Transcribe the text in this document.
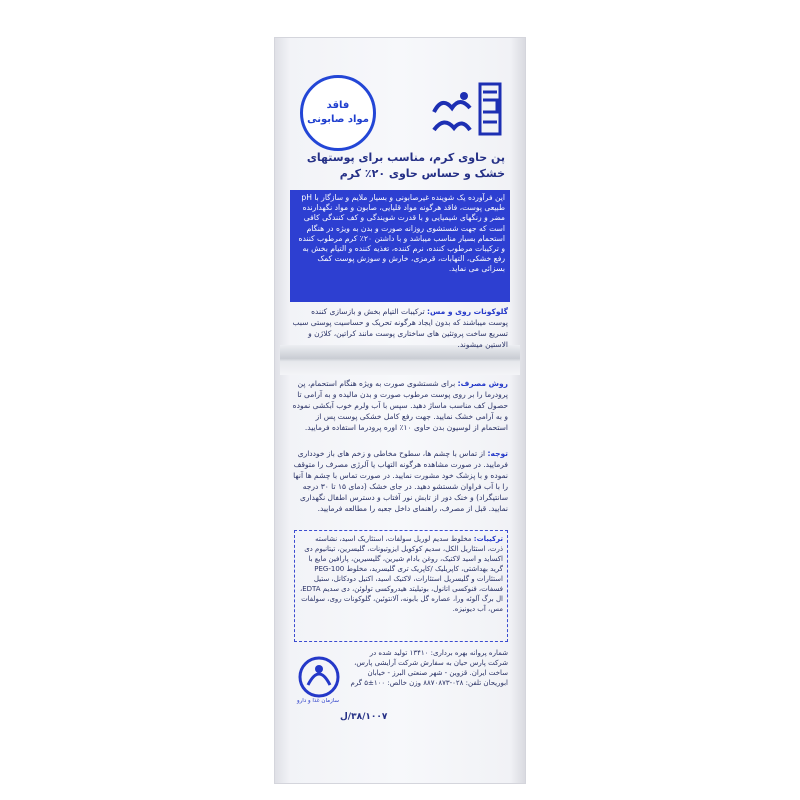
فاقد
مواد صابونی
پن حاوی کرم، مناسب برای پوستهای خشک و حساس حاوی ۲۰٪ کرم
این فرآورده یک شوینده غیرصابونی و بسیار ملایم و سازگار با pH طبیعی پوست، فاقد هرگونه مواد قلیایی، صابون و مواد نگهدارنده مضر و رنگهای شیمیایی و با قدرت شویندگی و کف کنندگی کافی است که جهت شستشوی روزانه صورت و بدن به ویژه در هنگام استحمام بسیار مناسب میباشد و با داشتن ۲۰٪ کرم مرطوب کننده و ترکیبات مرطوب کننده، نرم کننده، تغذیه کننده و التیام بخش به رفع خشکی، التهابات، قرمزی، خارش و سوزش پوست کمک بسزائی می نماید.
گلوکونات روی و مس: ترکیبات التیام بخش و بازسازی کننده پوست میباشند که بدون ایجاد هرگونه تحریک و حساسیت پوستی سبب تسریع ساخت پروتئین های ساختاری پوست مانند کراتین، کلاژن و الاستین میشوند.
روش مصرف: برای شستشوی صورت به ویژه هنگام استحمام، پن پرودرما را بر روی پوست مرطوب صورت و بدن مالیده و به آرامی تا حصول کف مناسب ماساژ دهید. سپس با آب ولرم خوب آبکشی نموده و به آرامی خشک نمایید. جهت رفع کامل خشکی پوست پس از استحمام از لوسیون بدن حاوی ۱۰٪ اوره پرودرما استفاده فرمایید.
توجه: از تماس با چشم ها، سطوح مخاطی و زخم های باز خودداری فرمایید. در صورت مشاهده هرگونه التهاب یا آلرژی مصرف را متوقف نموده و با پزشک خود مشورت نمایید. در صورت تماس با چشم ها آنها را با آب فراوان شستشو دهید. در جای خشک (دمای ۱۵ تا ۳۰ درجه سانتیگراد) و خنک دور از تابش نور آفتاب و دسترس اطفال نگهداری نمایید. قبل از مصرف، راهنمای داخل جعبه را مطالعه فرمایید.
ترکیبات: مخلوط سدیم لوریل سولفات، استئاریک اسید، نشاسته ذرت، استئاریل الکل، سدیم کوکویل ایزوتیونات، گلیسرین، تیتانیوم دی اکساید و اسید لاکتیک، روغن بادام شیرین، گلیسیرین، پارافین مایع با گرید بهداشتی، کاپریلیک /کاپریک تری گلیسرید، مخلوط PEG-100 استئارات و گلیسریل استئارات، لاکتیک اسید، اکتیل دودکانل، ستیل فسفات، فنوکسی اتانول، بوتیلیتد هیدروکسی تولوئن، دی سدیم EDTA، ال برگ آلوئه ورا، عصاره گل بابونه، آلانتوئین، گلوکونات روی، سولفات مس، آب دیونیزه.
شماره پروانه بهره برداری: ۱۳۴۱۰ تولید شده در شرکت پارس حیان به سفارش شرکت آرایشی پارس، ساخت ایران. قزوین - شهر صنعتی البرز - خیابان ابوریحان تلفن: ۰۲۸-۸۸۷۰۸۷۳ وزن خالص: ۱۰۰±۵ گرم
سازمان غذا و دارو
۳۸/۱۰۰۷/ل
